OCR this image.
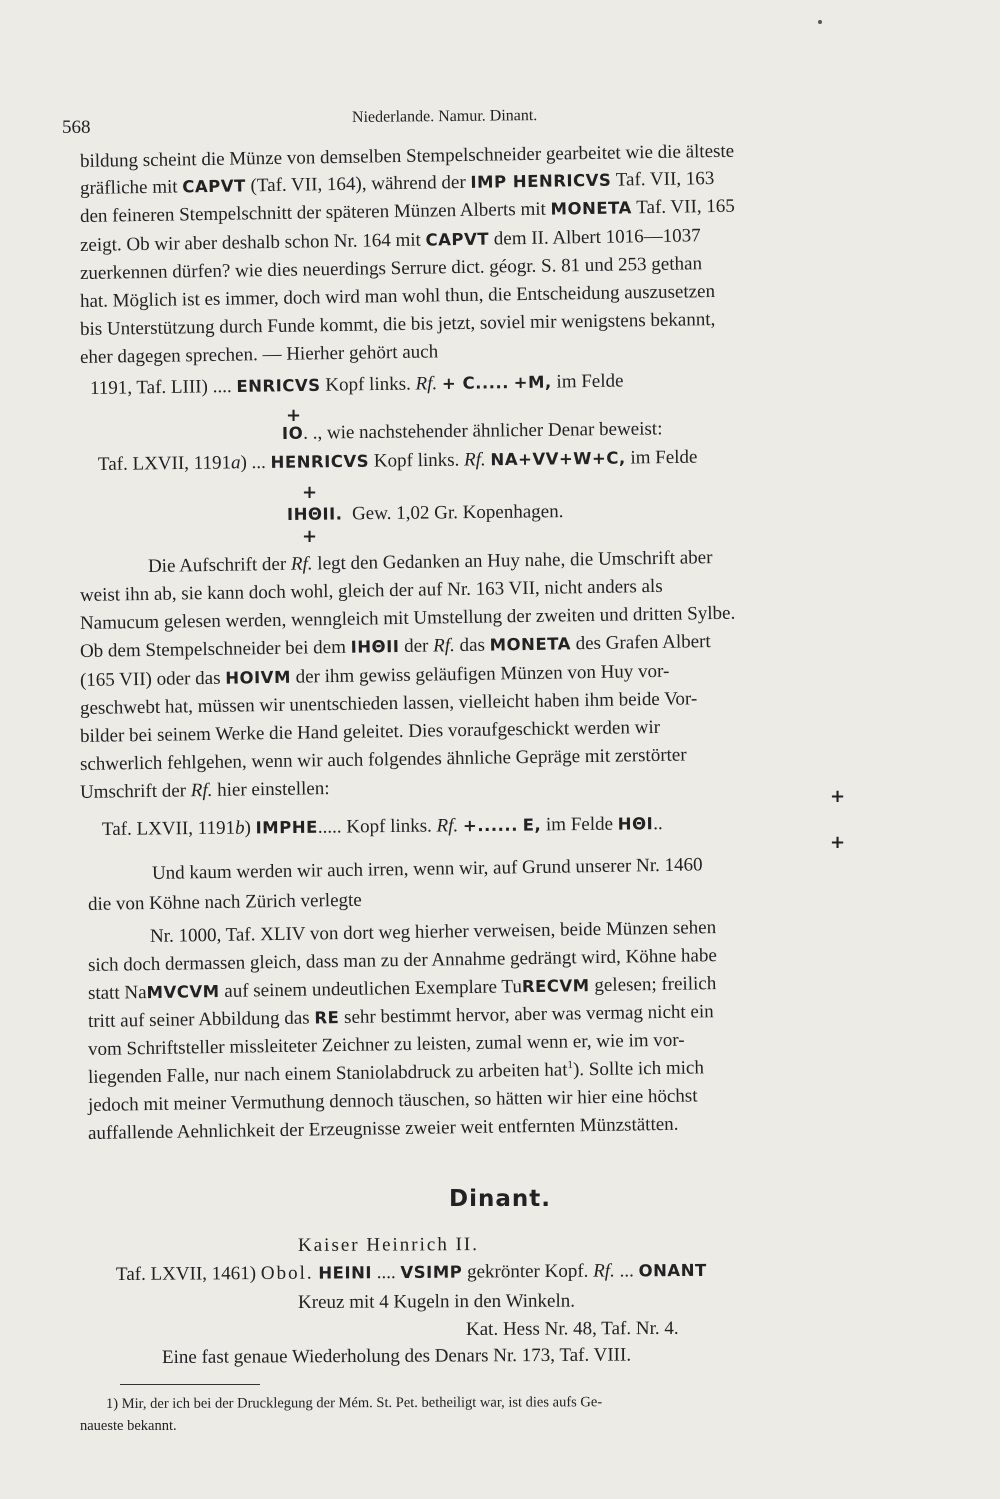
568
Niederlande. Namur. Dinant.
bildung scheint die Münze von demselben Stempelschneider gearbeitet wie die älteste
gräfliche mit CAPVT (Taf. VII, 164), während der IMP HENRICVS Taf. VII, 163
den feineren Stempelschnitt der späteren Münzen Alberts mit MONETA Taf. VII, 165
zeigt. Ob wir aber deshalb schon Nr. 164 mit CAPVT dem II. Albert 1016—1037
zuerkennen dürfen? wie dies neuerdings Serrure dict. géogr. S. 81 und 253 gethan
hat. Möglich ist es immer, doch wird man wohl thun, die Entscheidung auszusetzen
bis Unterstützung durch Funde kommt, die bis jetzt, soviel mir wenigstens bekannt,
eher dagegen sprechen. — Hierher gehört auch
1191, Taf. LIII) .... ENRICVS Kopf links. Rf. + C..... +M, im Felde
+
IO. ., wie nachstehender ähnlicher Denar beweist:
Taf. LXVII, 1191a) ... HENRICVS Kopf links. Rf. NA+VV+W+C, im Felde
+
IHΘII. Gew. 1,02 Gr. Kopenhagen.
+
Die Aufschrift der Rf. legt den Gedanken an Huy nahe, die Umschrift aber
weist ihn ab, sie kann doch wohl, gleich der auf Nr. 163 VII, nicht anders als
Namucum gelesen werden, wenngleich mit Umstellung der zweiten und dritten Sylbe.
Ob dem Stempelschneider bei dem IHΘII der Rf. das MONETA des Grafen Albert
(165 VII) oder das HOIVM der ihm gewiss geläufigen Münzen von Huy vor-
geschwebt hat, müssen wir unentschieden lassen, vielleicht haben ihm beide Vor-
bilder bei seinem Werke die Hand geleitet. Dies voraufgeschickt werden wir
schwerlich fehlgehen, wenn wir auch folgendes ähnliche Gepräge mit zerstörter
Umschrift der Rf. hier einstellen:	+
Taf. LXVII, 1191b) IMPHE..... Kopf links. Rf. +...... E, im Felde HΘI..
+
Und kaum werden wir auch irren, wenn wir, auf Grund unserer Nr. 1460
die von Köhne nach Zürich verlegte
Nr. 1000, Taf. XLIV von dort weg hierher verweisen, beide Münzen sehen
sich doch dermassen gleich, dass man zu der Annahme gedrängt wird, Köhne habe
statt NaMVCVM auf seinem undeutlichen Exemplare TuRECVM gelesen; freilich
tritt auf seiner Abbildung das RE sehr bestimmt hervor, aber was vermag nicht ein
vom Schriftsteller missleiteter Zeichner zu leisten, zumal wenn er, wie im vor-
liegenden Falle, nur nach einem Staniolabdruck zu arbeiten hat$^1$). Sollte ich mich
jedoch mit meiner Vermuthung dennoch täuschen, so hätten wir hier eine höchst
auffallende Aehnlichkeit der Erzeugnisse zweier weit entfernten Münzstätten.
Dinant.
Kaiser Heinrich II.
Taf. LXVII, 1461) Obol. HEINI .... VSIMP gekrönter Kopf. Rf. ... ONANT
Kreuz mit 4 Kugeln in den Winkeln.
Kat. Hess Nr. 48, Taf. Nr. 4.
Eine fast genaue Wiederholung des Denars Nr. 173, Taf. VIII.
1) Mir, der ich bei der Drucklegung der Mém. St. Pet. betheiligt war, ist dies aufs Ge-
naueste bekannt.
